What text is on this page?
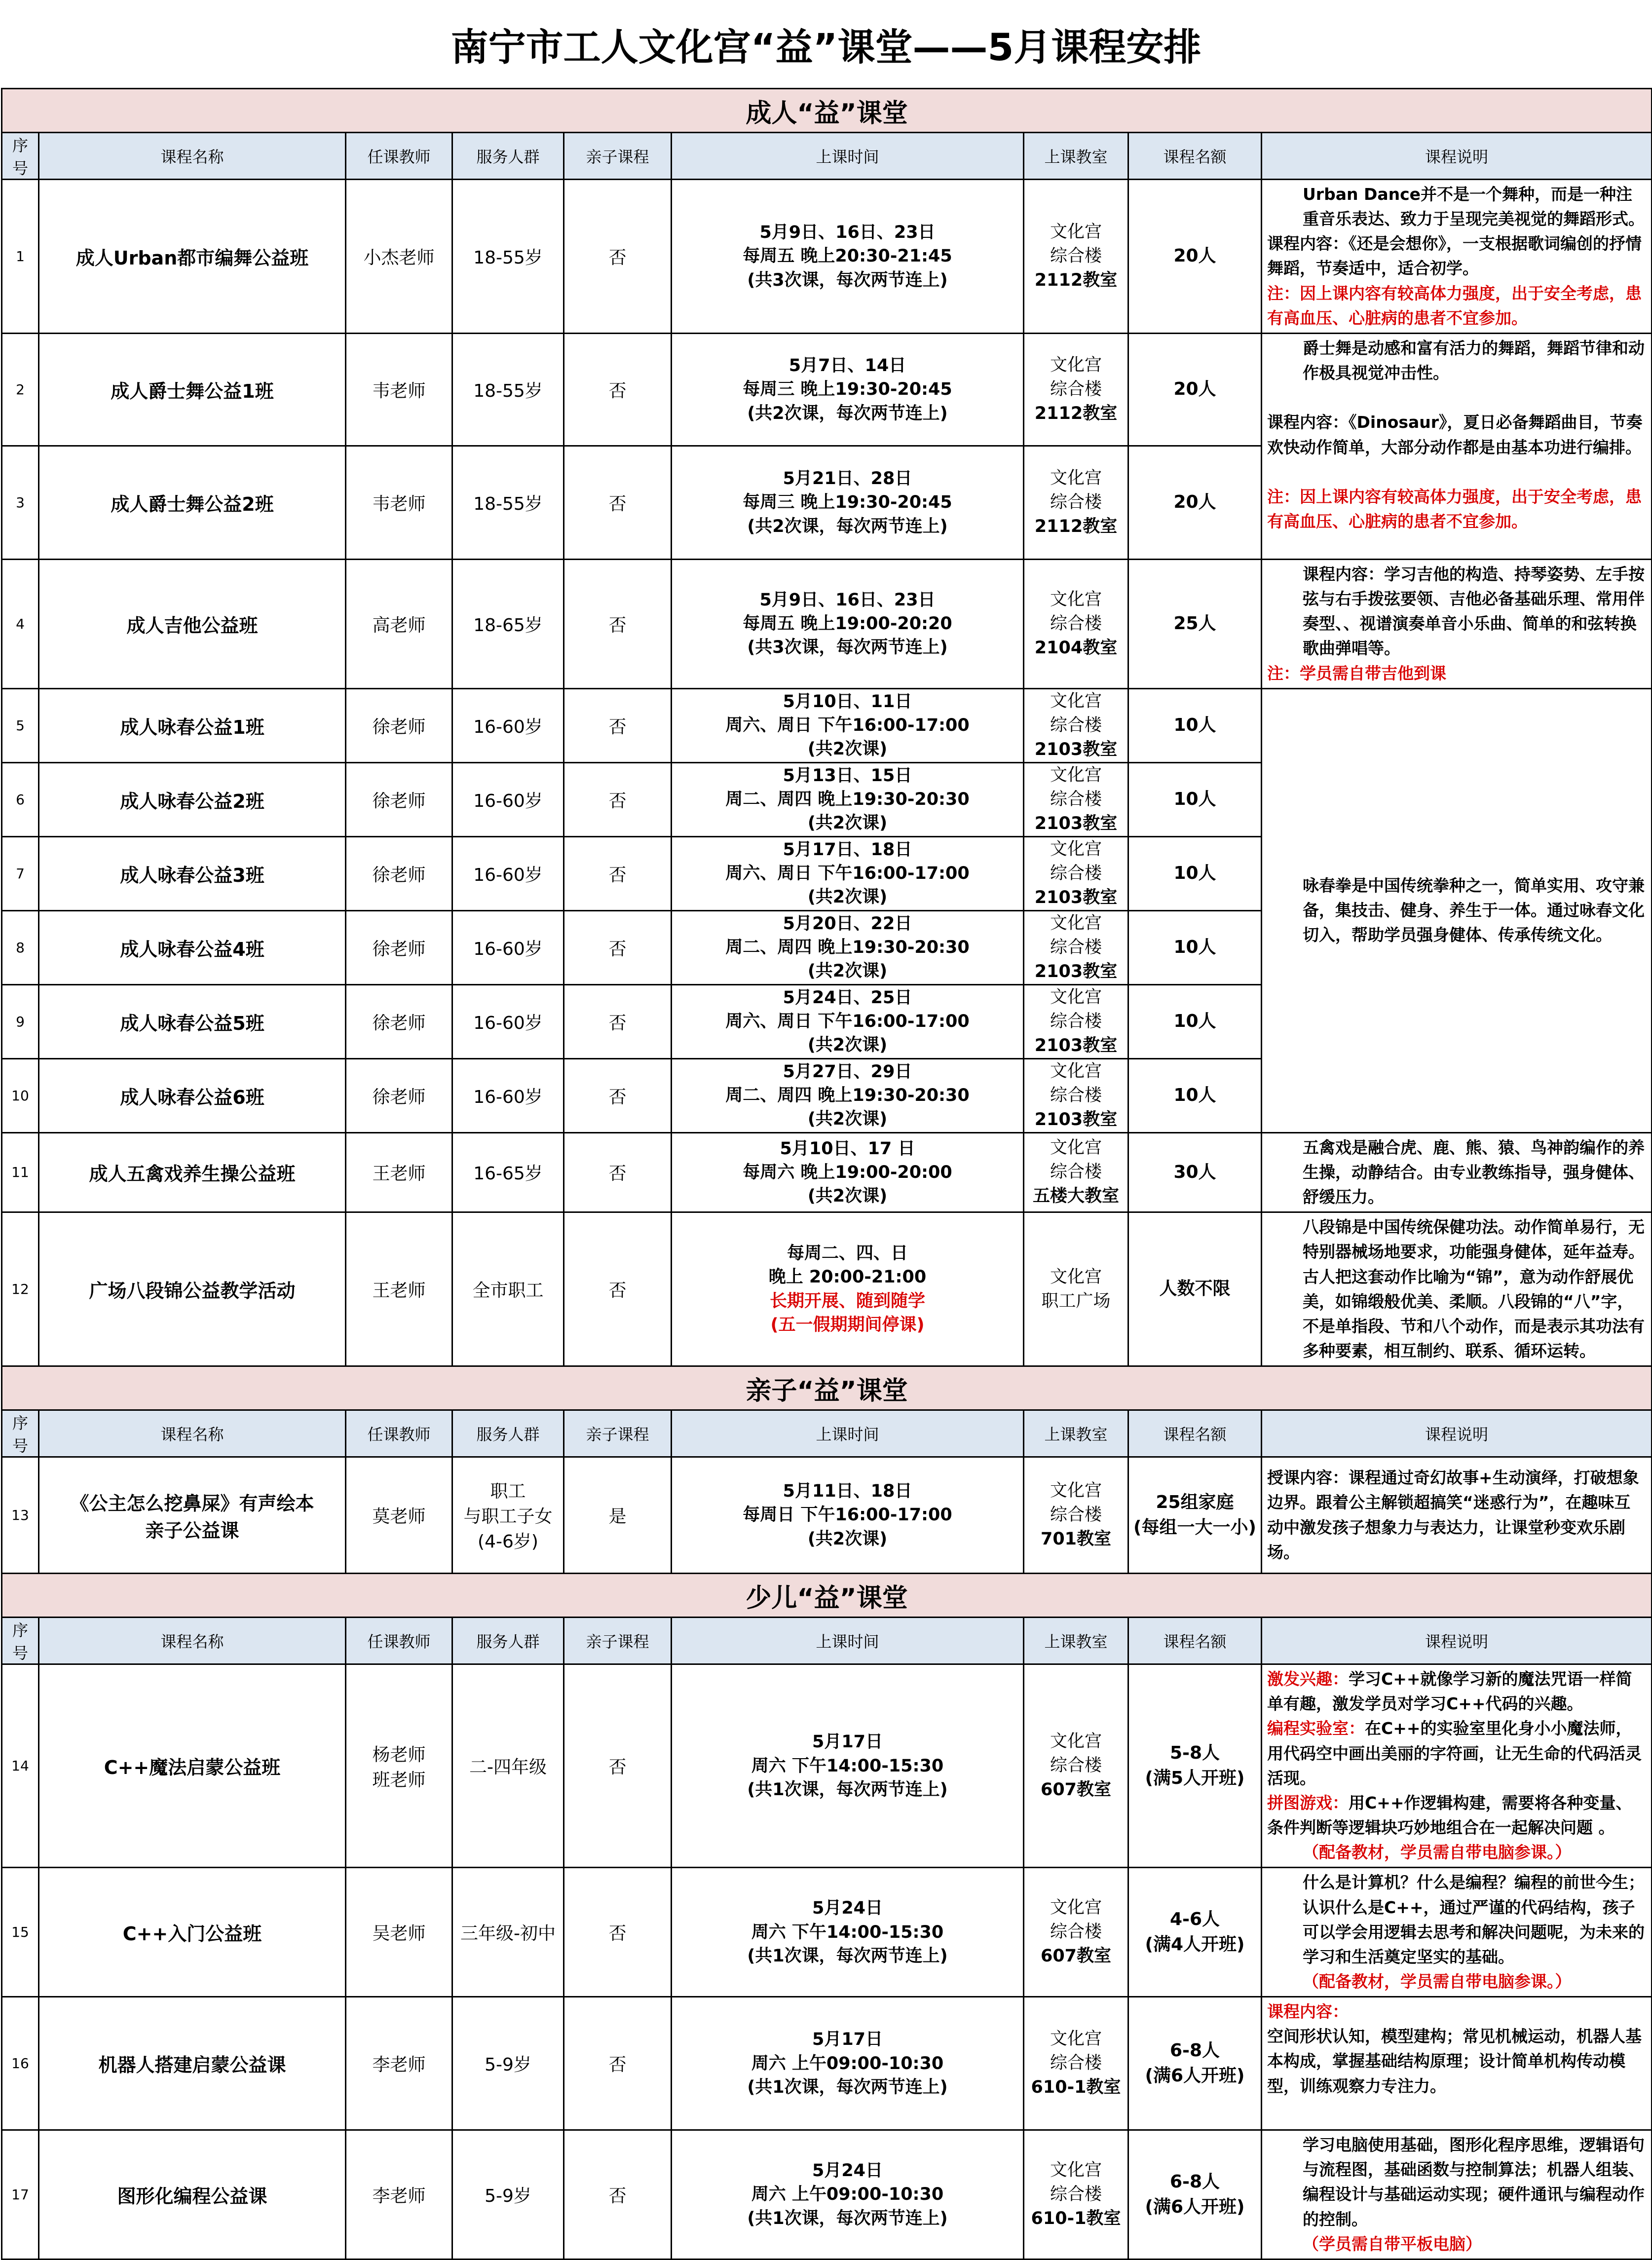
南宁市工人文化宫“益”课堂——5月课程安排
成人“益”课堂								
序号	课程名称	任课教师	服务人群	亲子课程	上课时间	上课教室	课程名额	课程说明
1	成人Urban都市编舞公益班	小杰老师	18-55岁	否	5月9日、16日、23日
每周五 晚上20:30-21:45
(共3次课，每次两节连上)	文化宫
综合楼
2112教室	20人	Urban Dance并不是一个舞种，而是一种注重音乐表达、致力于呈现完美视觉的舞蹈形式。
课程内容：《还是会想你》，一支根据歌词编创的抒情舞蹈，节奏适中，适合初学。
注：因上课内容有较高体力强度，出于安全考虑，患有高血压、心脏病的患者不宜参加。

2	成人爵士舞公益1班	韦老师	18-55岁	否	5月7日、14日
每周三 晚上19:30-20:45
(共2次课，每次两节连上)	文化宫
综合楼
2112教室	20人	爵士舞是动感和富有活力的舞蹈，舞蹈节律和动作极具视觉冲击性。

课程内容：《Dinosaur》，夏日必备舞蹈曲目，节奏欢快动作简单，大部分动作都是由基本功进行编排。

注：因上课内容有较高体力强度，出于安全考虑，患有高血压、心脏病的患者不宜参加。

3	成人爵士舞公益2班	韦老师	18-55岁	否	5月21日、28日
每周三 晚上19:30-20:45
(共2次课，每次两节连上)	文化宫
综合楼
2112教室	20人	

4	成人吉他公益班	高老师	18-65岁	否	5月9日、16日、23日
每周五 晚上19:00-20:20
(共3次课，每次两节连上)	文化宫
综合楼
2104教室	25人	课程内容：学习吉他的构造、持琴姿势、左手按弦与右手拨弦要领、吉他必备基础乐理、常用伴奏型、、视谱演奏单音小乐曲、简单的和弦转换歌曲弹唱等。
注：学员需自带吉他到课

5	成人咏春公益1班	徐老师	16-60岁	否	5月10日、11日
周六、周日 下午16:00-17:00
(共2次课)	文化宫
综合楼
2103教室	10人	咏春拳是中国传统拳种之一，简单实用、攻守兼备，集技击、健身、养生于一体。通过咏春文化切入，帮助学员强身健体、传承传统文化。

6	成人咏春公益2班	徐老师	16-60岁	否	5月13日、15日
周二、周四 晚上19:30-20:30
(共2次课)	文化宫
综合楼
2103教室	10人	

7	成人咏春公益3班	徐老师	16-60岁	否	5月17日、18日
周六、周日 下午16:00-17:00
(共2次课)	文化宫
综合楼
2103教室	10人	

8	成人咏春公益4班	徐老师	16-60岁	否	5月20日、22日
周二、周四 晚上19:30-20:30
(共2次课)	文化宫
综合楼
2103教室	10人	

9	成人咏春公益5班	徐老师	16-60岁	否	5月24日、25日
周六、周日 下午16:00-17:00
(共2次课)	文化宫
综合楼
2103教室	10人	

10	成人咏春公益6班	徐老师	16-60岁	否	5月27日、29日
周二、周四 晚上19:30-20:30
(共2次课)	文化宫
综合楼
2103教室	10人	

11	成人五禽戏养生操公益班	王老师	16-65岁	否	5月10日、17 日
每周六 晚上19:00-20:00
(共2次课)	文化宫
综合楼
五楼大教室	30人	五禽戏是融合虎、鹿、熊、猿、鸟神韵编作的养生操，动静结合。由专业教练指导，强身健体、舒缓压力。

12	广场八段锦公益教学活动	王老师	全市职工	否	每周二、四、日
晚上 20:00-21:00
长期开展、随到随学
(五一假期期间停课)	文化宫
职工广场	人数不限	八段锦是中国传统保健功法。动作简单易行，无特别器械场地要求，功能强身健体，延年益寿。古人把这套动作比喻为“锦”，意为动作舒展优美，如锦缎般优美、柔顺。八段锦的“八”字，不是单指段、节和八个动作，而是表示其功法有多种要素，相互制约、联系、循环运转。

亲子“益”课堂								
序号	课程名称	任课教师	服务人群	亲子课程	上课时间	上课教室	课程名额	课程说明
13	《公主怎么挖鼻屎》有声绘本
亲子公益课	莫老师	职工
与职工子女
(4-6岁)	是	5月11日、18日
每周日 下午16:00-17:00
(共2次课)	文化宫
综合楼
701教室	25组家庭
(每组一大一小)	授课内容：课程通过奇幻故事+生动演绎，打破想象边界。跟着公主解锁超搞笑“迷惑行为”，在趣味互动中激发孩子想象力与表达力，让课堂秒变欢乐剧场。

少儿“益”课堂								
序号	课程名称	任课教师	服务人群	亲子课程	上课时间	上课教室	课程名额	课程说明
14	C++魔法启蒙公益班	杨老师
班老师	二-四年级	否	5月17日
周六 下午14:00-15:30
(共1次课，每次两节连上)	文化宫
综合楼
607教室	5-8人
(满5人开班)	激发兴趣：学习C++就像学习新的魔法咒语一样简单有趣，激发学员对学习C++代码的兴趣。
编程实验室：在C++的实验室里化身小小魔法师，用代码空中画出美丽的字符画，让无生命的代码活灵活现。
拼图游戏：用C++作逻辑构建，需要将各种变量、条件判断等逻辑块巧妙地组合在一起解决问题 。
（配备教材，学员需自带电脑参课。）

15	C++入门公益班	吴老师	三年级-初中	否	5月24日
周六 下午14:00-15:30
(共1次课，每次两节连上)	文化宫
综合楼
607教室	4-6人
(满4人开班)	什么是计算机？什么是编程？编程的前世今生；认识什么是C++，通过严谨的代码结构，孩子可以学会用逻辑去思考和解决问题呢，为未来的学习和生活奠定坚实的基础。
（配备教材，学员需自带电脑参课。）

16	机器人搭建启蒙公益课	李老师	5-9岁	否	5月17日
周六 上午09:00-10:30
(共1次课，每次两节连上)	文化宫
综合楼
610-1教室	6-8人
(满6人开班)	课程内容：
空间形状认知，模型建构；常见机械运动，机器人基本构成，掌握基础结构原理；设计简单机构传动模型，训练观察力专注力。

17	图形化编程公益课	李老师	5-9岁	否	5月24日
周六 上午09:00-10:30
(共1次课，每次两节连上)	文化宫
综合楼
610-1教室	6-8人
(满6人开班)	学习电脑使用基础，图形化程序思维，逻辑语句与流程图，基础函数与控制算法；机器人组装、编程设计与基础运动实现；硬件通讯与编程动作的控制。
（学员需自带平板电脑）
